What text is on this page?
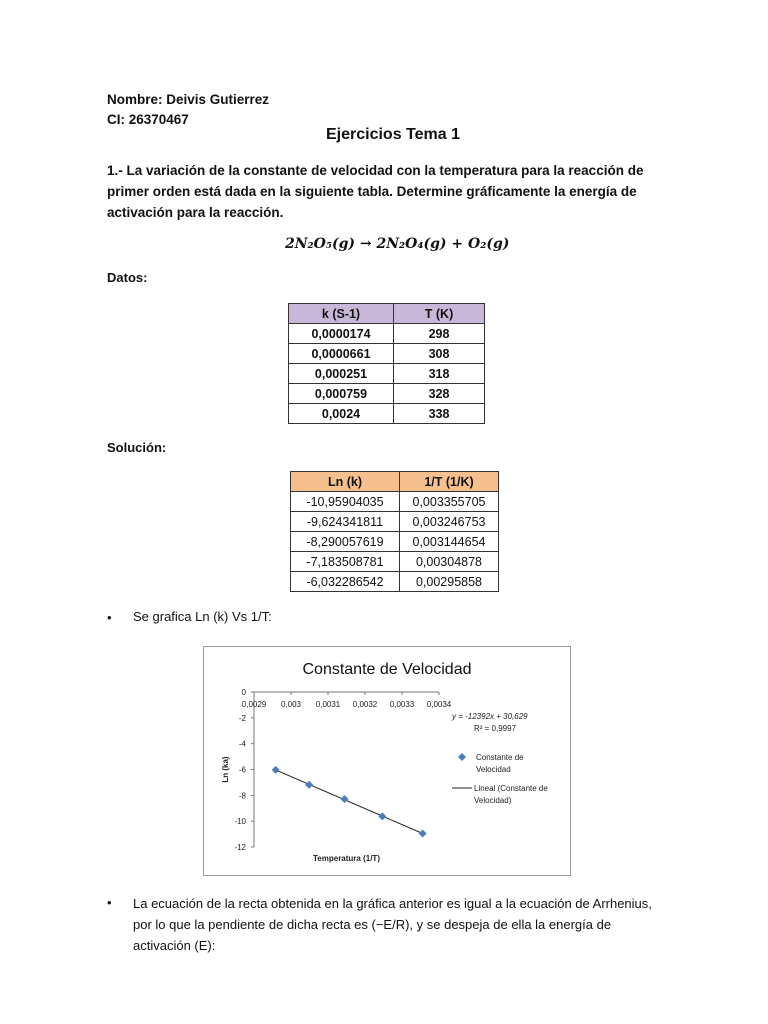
Nombre: Deivis Gutierrez
CI: 26370467
Ejercicios Tema 1
1.- La variación de la constante de velocidad con la temperatura para la reacción de primer orden está dada en la siguiente tabla. Determine gráficamente la energía de activación para la reacción.
2N₂O₅(g) → 2N₂O₄(g) + O₂(g)
Datos:
k (S-1)	T (K)
0,0000174	298
0,0000661	308
0,000251	318
0,000759	328
0,0024	338
Solución:
Ln (k)	1/T (1/K)
-10,95904035	0,003355705
-9,624341811	0,003246753
-8,290057619	0,003144654
-7,183508781	0,00304878
-6,032286542	0,00295858
• Se grafica Ln (k) Vs 1/T:
Constante de Velocidad
0
-2
-4
-6
-8
-10
-12
0,0029 0,003 0,0031 0,0032 0,0033 0,0034
Temperatura (1/T)
Ln (ka)
y = -12392x + 30,629
R² = 0,9997
Constante de
Velocidad
Lineal (Constante de
Velocidad)
• La ecuación de la recta obtenida en la gráfica anterior es igual a la ecuación de Arrhenius, por lo que la pendiente de dicha recta es (−E/R), y se despeja de ella la energía de activación (E):
